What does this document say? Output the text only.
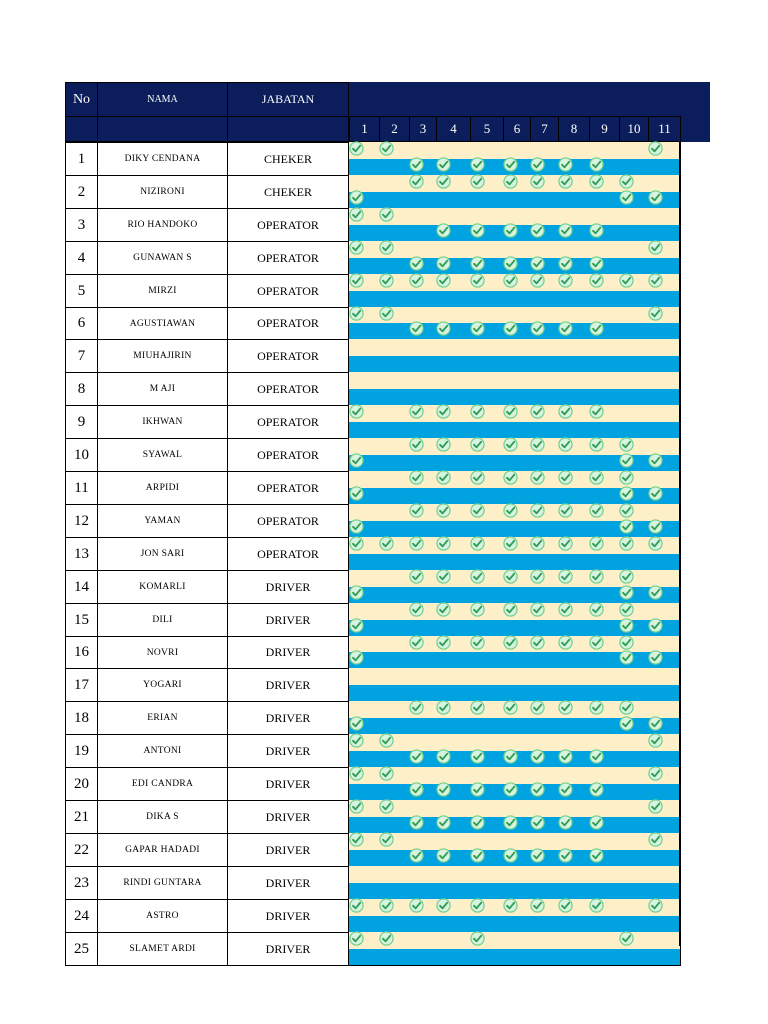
No	NAMA	JABATAN
1	2	3	4	5	6	7	8	9	10	11
1	DIKY CENDANA	CHEKER
2	NIZIRONI	CHEKER
3	RIO HANDOKO	OPERATOR
4	GUNAWAN S	OPERATOR
5	MIRZI	OPERATOR
6	AGUSTIAWAN	OPERATOR
7	MIUHAJIRIN	OPERATOR
8	M AJI	OPERATOR
9	IKHWAN	OPERATOR
10	SYAWAL	OPERATOR
11	ARPIDI	OPERATOR
12	YAMAN	OPERATOR
13	JON SARI	OPERATOR
14	KOMARLI	DRIVER
15	DILI	DRIVER
16	NOVRI	DRIVER
17	YOGARI	DRIVER
18	ERIAN	DRIVER
19	ANTONI	DRIVER
20	EDI CANDRA	DRIVER
21	DIKA S	DRIVER
22	GAPAR HADADI	DRIVER
23	RINDI GUNTARA	DRIVER
24	ASTRO	DRIVER
25	SLAMET ARDI	DRIVER
